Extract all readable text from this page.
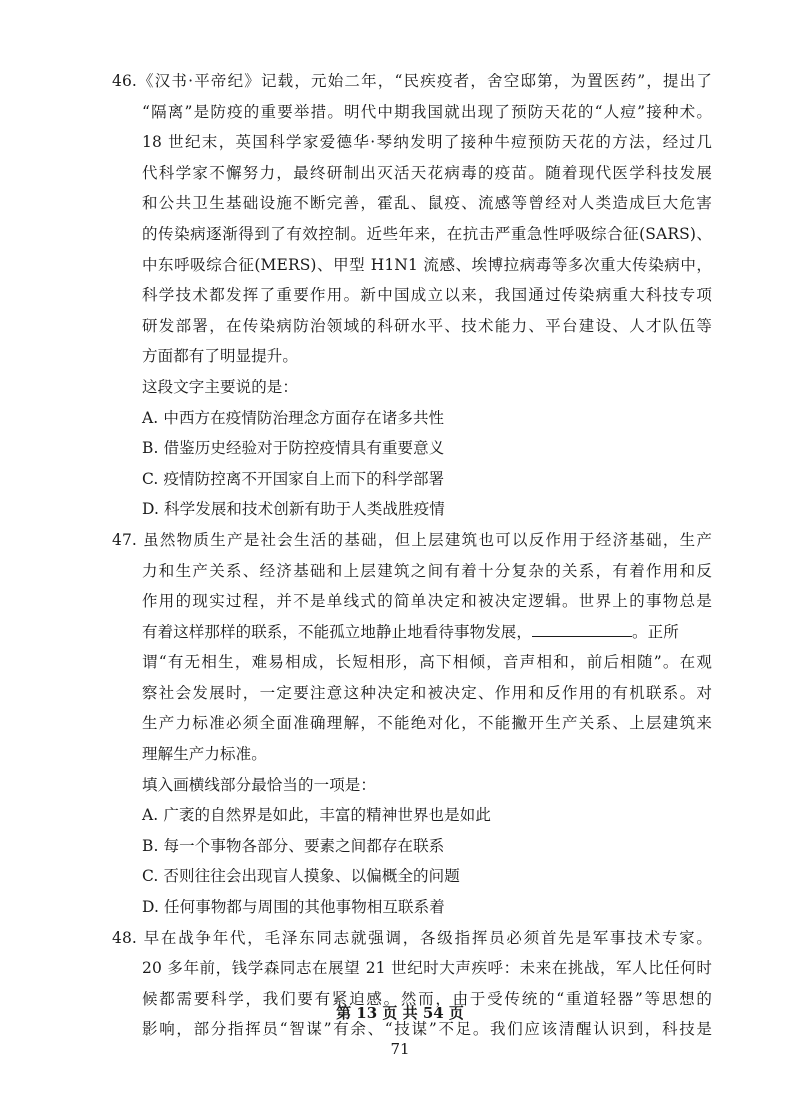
46.《汉书·平帝纪》记载，元始二年，“民疾疫者，舍空邸第，为置医药”，提出了
“隔离”是防疫的重要举措。明代中期我国就出现了预防天花的“人痘”接种术。
18 世纪末，英国科学家爱德华·琴纳发明了接种牛痘预防天花的方法，经过几
代科学家不懈努力，最终研制出灭活天花病毒的疫苗。随着现代医学科技发展
和公共卫生基础设施不断完善，霍乱、鼠疫、流感等曾经对人类造成巨大危害
的传染病逐渐得到了有效控制。近些年来，在抗击严重急性呼吸综合征(SARS)、
中东呼吸综合征(MERS)、甲型 H1N1 流感、埃博拉病毒等多次重大传染病中，
科学技术都发挥了重要作用。新中国成立以来，我国通过传染病重大科技专项
研发部署，在传染病防治领域的科研水平、技术能力、平台建设、人才队伍等
方面都有了明显提升。
这段文字主要说的是：
A. 中西方在疫情防治理念方面存在诸多共性
B. 借鉴历史经验对于防控疫情具有重要意义
C. 疫情防控离不开国家自上而下的科学部署
D. 科学发展和技术创新有助于人类战胜疫情
47. 虽然物质生产是社会生活的基础，但上层建筑也可以反作用于经济基础，生产
力和生产关系、经济基础和上层建筑之间有着十分复杂的关系，有着作用和反
作用的现实过程，并不是单线式的简单决定和被决定逻辑。世界上的事物总是
有着这样那样的联系，不能孤立地静止地看待事物发展，	。正所
谓“有无相生，难易相成，长短相形，高下相倾，音声相和，前后相随”。在观
察社会发展时，一定要注意这种决定和被决定、作用和反作用的有机联系。对
生产力标准必须全面准确理解，不能绝对化，不能撇开生产关系、上层建筑来
理解生产力标准。
填入画横线部分最恰当的一项是：
A. 广袤的自然界是如此，丰富的精神世界也是如此
B. 每一个事物各部分、要素之间都存在联系
C. 否则往往会出现盲人摸象、以偏概全的问题
D. 任何事物都与周围的其他事物相互联系着
48. 早在战争年代，毛泽东同志就强调，各级指挥员必须首先是军事技术专家。
20 多年前，钱学森同志在展望 21 世纪时大声疾呼：未来在挑战，军人比任何时
候都需要科学，我们要有紧迫感。然而，由于受传统的“重道轻器”等思想的
影响，部分指挥员“智谋”有余、“技谋”不足。我们应该清醒认识到，科技是
第 13 页 共 54 页
71
